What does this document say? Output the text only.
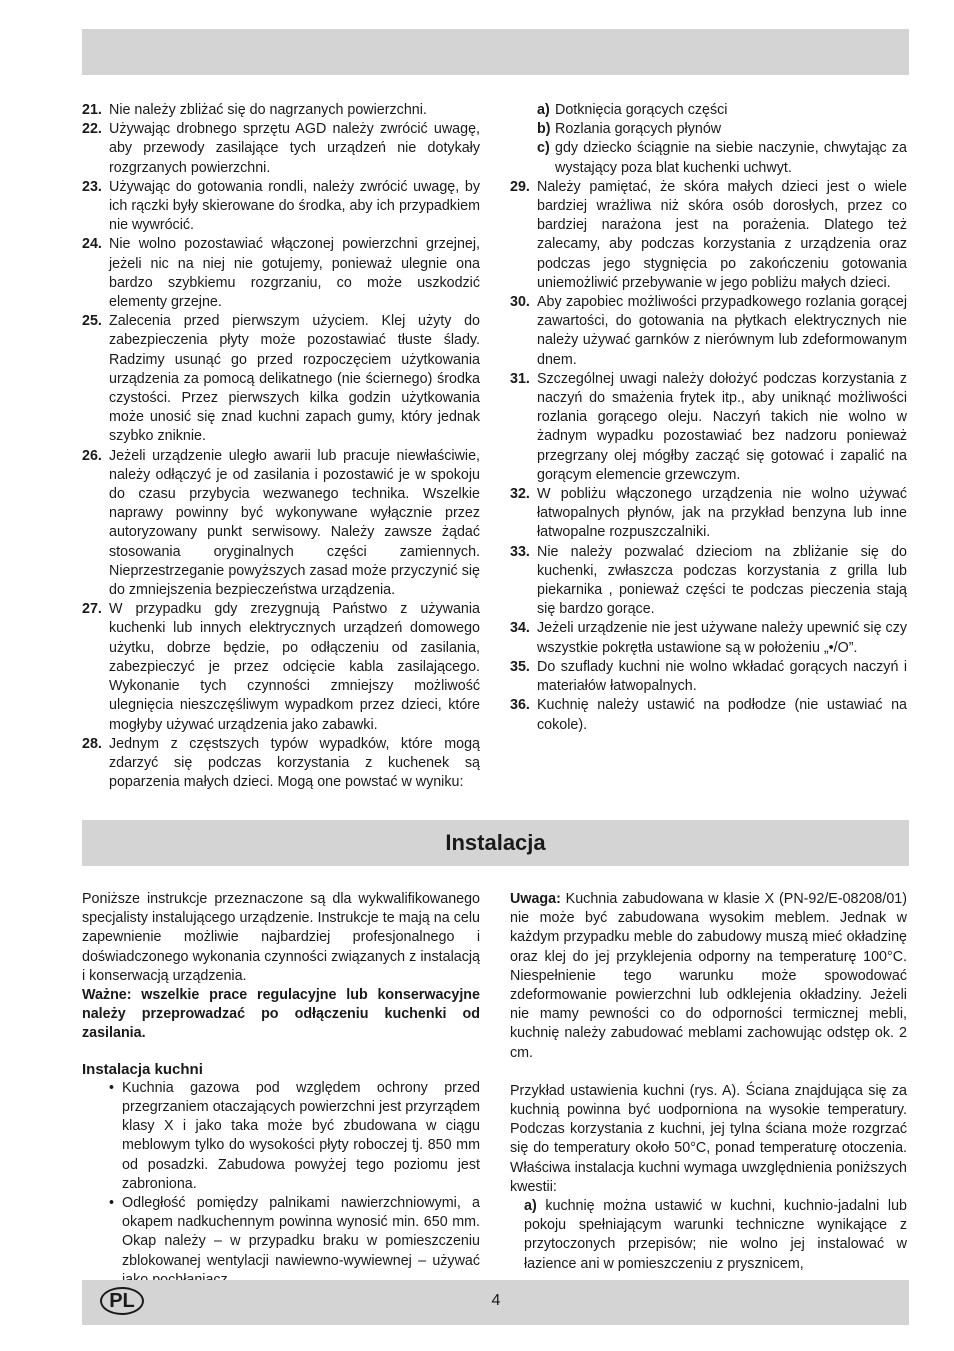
21. Nie należy zbliżać się do nagrzanych powierzchni.
22. Używając drobnego sprzętu AGD należy zwrócić uwagę, aby przewody zasilające tych urządzeń nie dotykały rozgrzanych powierzchni.
23. Używając do gotowania rondli, należy zwrócić uwagę, by ich rączki były skierowane do środka, aby ich przypadkiem nie wywrócić.
24. Nie wolno pozostawiać włączonej powierzchni grzejnej, jeżeli nic na niej nie gotujemy, ponieważ ulegnie ona bardzo szybkiemu rozgrzaniu, co może uszkodzić elementy grzejne.
25. Zalecenia przed pierwszym użyciem. Klej użyty do zabezpieczenia płyty może pozostawiać tłuste ślady. Radzimy usunąć go przed rozpoczęciem użytkowania urządzenia za pomocą delikatnego (nie ściernego) środka czystości. Przez pierwszych kilka godzin użytkowania może unosić się znad kuchni zapach gumy, który jednak szybko zniknie.
26. Jeżeli urządzenie uległo awarii lub pracuje niewłaściwie, należy odłączyć je od zasilania i pozostawić je w spokoju do czasu przybycia wezwanego technika. Wszelkie naprawy powinny być wykonywane wyłącznie przez autoryzowany punkt serwisowy. Należy zawsze żądać stosowania oryginalnych części zamiennych. Nieprzestrzeganie powyższych zasad może przyczynić się do zmniejszenia bezpieczeństwa urządzenia.
27. W przypadku gdy zrezygnują Państwo z używania kuchenki lub innych elektrycznych urządzeń domowego użytku, dobrze będzie, po odłączeniu od zasilania, zabezpieczyć je przez odcięcie kabla zasilającego. Wykonanie tych czynności zmniejszy możliwość ulegnięcia nieszczęśliwym wypadkom przez dzieci, które mogłyby używać urządzenia jako zabawki.
28. Jednym z częstszych typów wypadków, które mogą zdarzyć się podczas korzystania z kuchenek są poparzenia małych dzieci. Mogą one powstać w wyniku:
a) Dotknięcia gorących części
b) Rozlania gorących płynów
c) gdy dziecko ściągnie na siebie naczynie, chwytając za wystający poza blat kuchenki uchwyt.
29. Należy pamiętać, że skóra małych dzieci jest o wiele bardziej wrażliwa niż skóra osób dorosłych, przez co bardziej narażona jest na porażenia. Dlatego też zalecamy, aby podczas korzystania z urządzenia oraz podczas jego stygnięcia po zakończeniu gotowania uniemożliwić przebywanie w jego pobliżu małych dzieci.
30. Aby zapobiec możliwości przypadkowego rozlania gorącej zawartości, do gotowania na płytkach elektrycznych nie należy używać garnków z nierównym lub zdeformowanym dnem.
31. Szczególnej uwagi należy dołożyć podczas korzystania z naczyń do smażenia frytek itp., aby uniknąć możliwości rozlania gorącego oleju. Naczyń takich nie wolno w żadnym wypadku pozostawiać bez nadzoru ponieważ przegrzany olej mógłby zacząć się gotować i zapalić na gorącym elemencie grzewczym.
32. W pobliżu włączonego urządzenia nie wolno używać łatwopalnych płynów, jak na przykład benzyna lub inne łatwopalne rozpuszczalniki.
33. Nie należy pozwalać dzieciom na zbliżanie się do kuchenki, zwłaszcza podczas korzystania z grilla lub piekarnika , ponieważ części te podczas pieczenia stają się bardzo gorące.
34. Jeżeli urządzenie nie jest używane należy upewnić się czy wszystkie pokrętła ustawione są w położeniu „•/O”.
35. Do szuflady kuchni nie wolno wkładać gorących naczyń i materiałów łatwopalnych.
36. Kuchnię należy ustawić na podłodze (nie ustawiać na cokole).
Instalacja

Poniższe instrukcje przeznaczone są dla wykwalifikowanego specjalisty instalującego urządzenie. Instrukcje te mają na celu zapewnienie możliwie najbardziej profesjonalnego i doświadczonego wykonania czynności związanych z instalacją i konserwacją urządzenia.

Ważne: wszelkie prace regulacyjne lub konserwacyjne należy przeprowadzać po odłączeniu kuchenki od zasilania.

Instalacja kuchni

• Kuchnia gazowa pod względem ochrony przed przegrzaniem otaczających powierzchni jest przyrządem klasy X i jako taka może być zbudowana w ciągu meblowym tylko do wysokości płyty roboczej tj. 850 mm od posadzki. Zabudowa powyżej tego poziomu jest zabroniona.
• Odległość pomiędzy palnikami nawierzchniowymi, a okapem nadkuchennym powinna wynosić min. 650 mm. Okap należy – w przypadku braku w pomieszczeniu zblokowanej wentylacji nawiewno-wywiewnej – używać

Uwaga: Kuchnia zabudowana w klasie X (PN-92/E-08208/01) nie może być zabudowana wysokim meblem. Jednak w każdym przypadku meble do zabudowy muszą mieć okładzinę oraz klej do jej przyklejenia odporny na temperaturę 100°C. Niespełnienie tego warunku może spowodować zdeformowanie powierzchni lub odklejenia okładziny. Jeżeli nie mamy pewności co do odporności termicznej mebli, kuchnię należy zabudować meblami zachowując odstęp ok. 2 cm.

Przykład ustawienia kuchni (rys. A). Ściana znajdująca się za kuchnią powinna być uodporniona na wysokie temperatury. Podczas korzystania z kuchni, jej tylna ściana może rozgrzać się do temperatury około 50°C, ponad temperaturę otoczenia. Właściwa instalacja kuchni wymaga uwzględnienia poniższych kwestii:

a) kuchnię można ustawić w kuchni, kuchnio-jadalni lub pokoju spełniającym warunki techniczne wynikające z przytoczonych przepisów; nie wolno jej instalować w łazience ani w pomieszczeniu z prysznicem,

PL	4
